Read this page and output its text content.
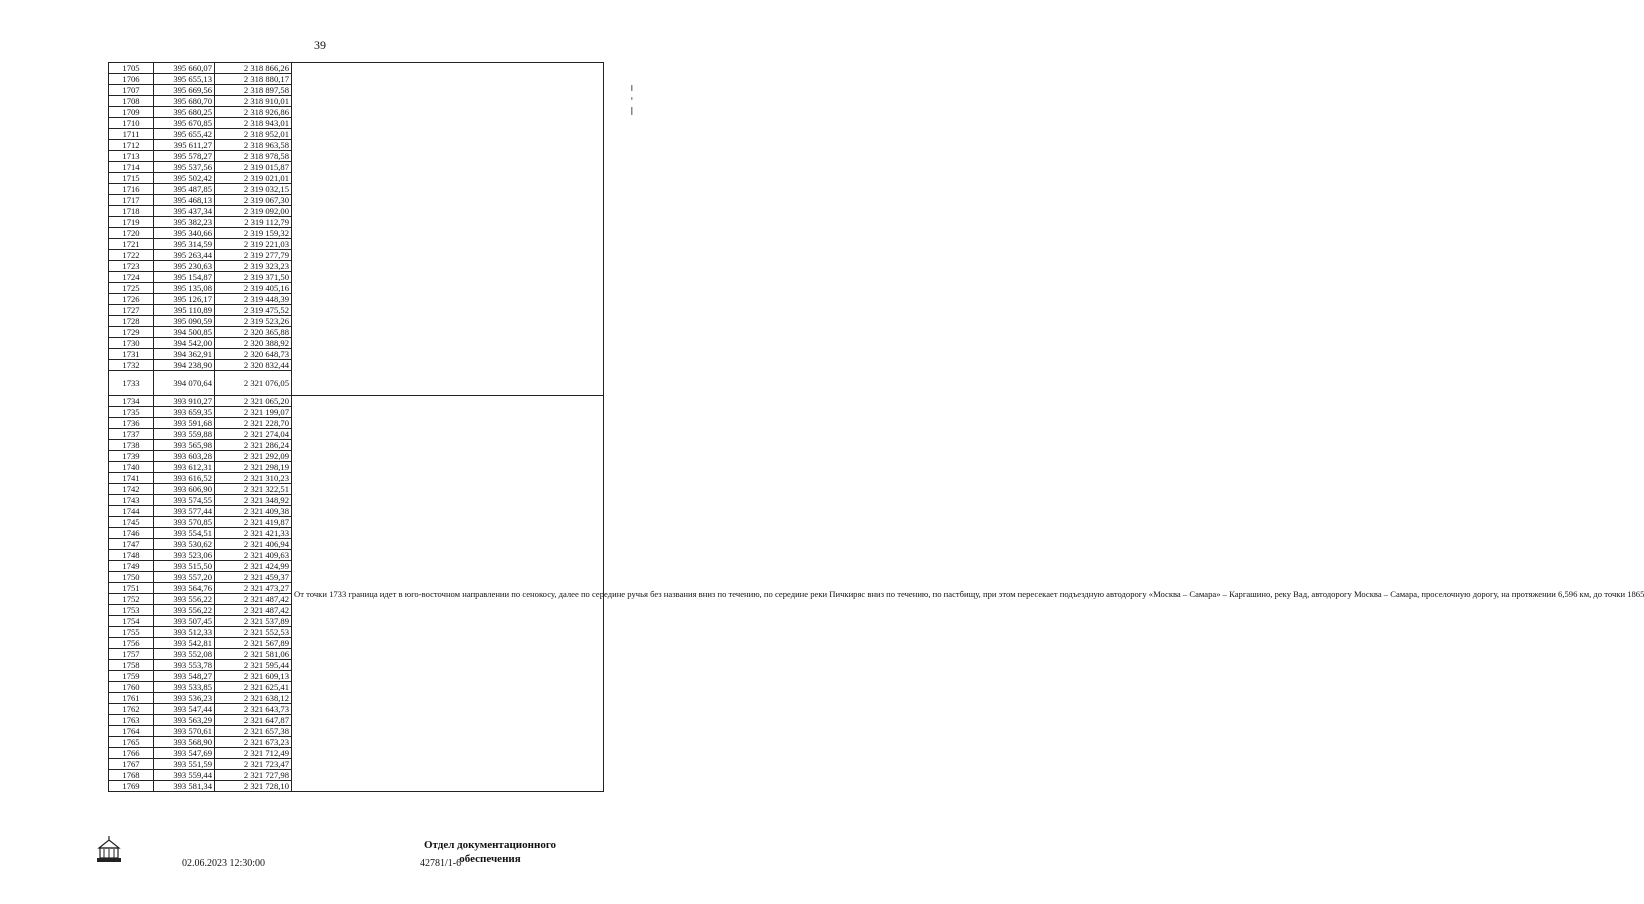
39
1705	395 660,07	2 318 866,26	
1706	395 655,13	2 318 880,17	
1707	395 669,56	2 318 897,58	
1708	395 680,70	2 318 910,01	
1709	395 680,25	2 318 926,86	
1710	395 670,85	2 318 943,01	
1711	395 655,42	2 318 952,01	
1712	395 611,27	2 318 963,58	
1713	395 578,27	2 318 978,58	
1714	395 537,56	2 319 015,87	
1715	395 502,42	2 319 021,01	
1716	395 487,85	2 319 032,15	
1717	395 468,13	2 319 067,30	
1718	395 437,34	2 319 092,00	
1719	395 382,23	2 319 112,79	
1720	395 340,66	2 319 159,32	
1721	395 314,59	2 319 221,03	
1722	395 263,44	2 319 277,79	
1723	395 230,63	2 319 323,23	
1724	395 154,87	2 319 371,50	
1725	395 135,08	2 319 405,16	
1726	395 126,17	2 319 448,39	
1727	395 110,89	2 319 475,52	
1728	395 090,59	2 319 523,26	
1729	394 500,85	2 320 365,88	
1730	394 542,00	2 320 388,92	
1731	394 362,91	2 320 648,73	
1732	394 238,90	2 320 832,44	
1733	394 070,64	2 321 076,05	
1734	393 910,27	2 321 065,20	От точки 1733 граница идет в юго-восточном направлении по сенокосу, далее по середине ручья без названия вниз по течению, по середине реки Пичкиряс вниз по течению, по пастбищу, при этом пересекает подъездную автодорогу «Москва – Самара» – Каргашино, реку Вад, автодорогу Москва – Самара, проселочную дорогу, на протяжении 6,596 км, до точки 1865
1735	393 659,35	2 321 199,07	
1736	393 591,68	2 321 228,70	
1737	393 559,88	2 321 274,04	
1738	393 565,98	2 321 286,24	
1739	393 603,28	2 321 292,09	
1740	393 612,31	2 321 298,19	
1741	393 616,52	2 321 310,23	
1742	393 606,90	2 321 322,51	
1743	393 574,55	2 321 348,92	
1744	393 577,44	2 321 409,38	
1745	393 570,85	2 321 419,87	
1746	393 554,51	2 321 421,33	
1747	393 530,62	2 321 406,94	
1748	393 523,06	2 321 409,63	
1749	393 515,50	2 321 424,99	
1750	393 557,20	2 321 459,37	
1751	393 564,76	2 321 473,27	
1752	393 556,22	2 321 487,42	
1753	393 556,22	2 321 487,42	
1754	393 507,45	2 321 537,89	
1755	393 512,33	2 321 552,53	
1756	393 542,81	2 321 567,89	
1757	393 552,08	2 321 581,06	
1758	393 553,78	2 321 595,44	
1759	393 548,27	2 321 609,13	
1760	393 533,85	2 321 625,41	
1761	393 536,23	2 321 638,12	
1762	393 547,44	2 321 643,73	
1763	393 563,29	2 321 647,87	
1764	393 570,61	2 321 657,38	
1765	393 568,90	2 321 673,23	
1766	393 547,69	2 321 712,49	
1767	393 551,59	2 321 723,47	
1768	393 559,44	2 321 727,98	
1769	393 581,34	2 321 728,10	
Отдел документационного
обеспечения
02.06.2023 12:30:00	42781/1-6
